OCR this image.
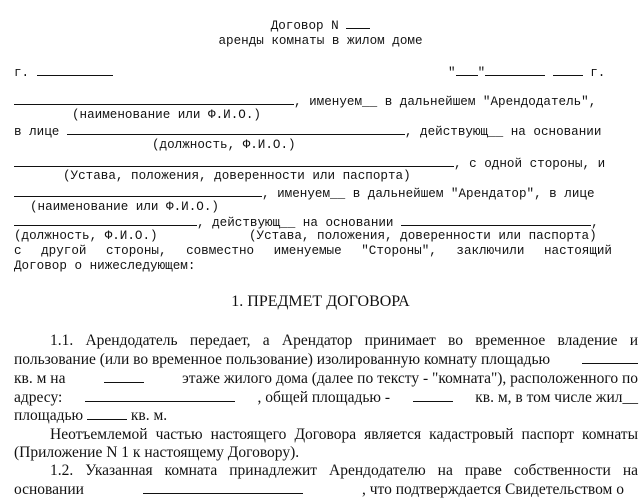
Договор N
аренды комнаты в жилом доме
г.	" "	г.
, именуем__ в дальнейшем "Арендодатель",
(наименование или Ф.И.О.)
в лице	, действующ__ на основании
(должность, Ф.И.О.)
, с одной стороны, и
(Устава, положения, доверенности или паспорта)
, именуем__ в дальнейшем "Арендатор", в лице
(наименование или Ф.И.О.)
, действующ__ на основании	,
(должность, Ф.И.О.)	(Устава, положения, доверенности или паспорта)
с другой стороны, совместно именуемые "Стороны", заключили настоящий
Договор о нижеследующем:
1. ПРЕДМЕТ ДОГОВОРА
1.1. Арендодатель передает, а Арендатор принимает во временное владение и
пользование (или во временное пользование) изолированную комнату площадью
кв. м на	этаже жилого дома (далее по тексту - "комната"), расположенного по
адресу:	, общей площадью -	кв. м, в том числе жил__
площадью	кв. м.
Неотъемлемой частью настоящего Договора является кадастровый паспорт комнаты
(Приложение N 1 к настоящему Договору).
1.2. Указанная комната принадлежит Арендодателю на праве собственности на
основании	, что подтверждается Свидетельством о
